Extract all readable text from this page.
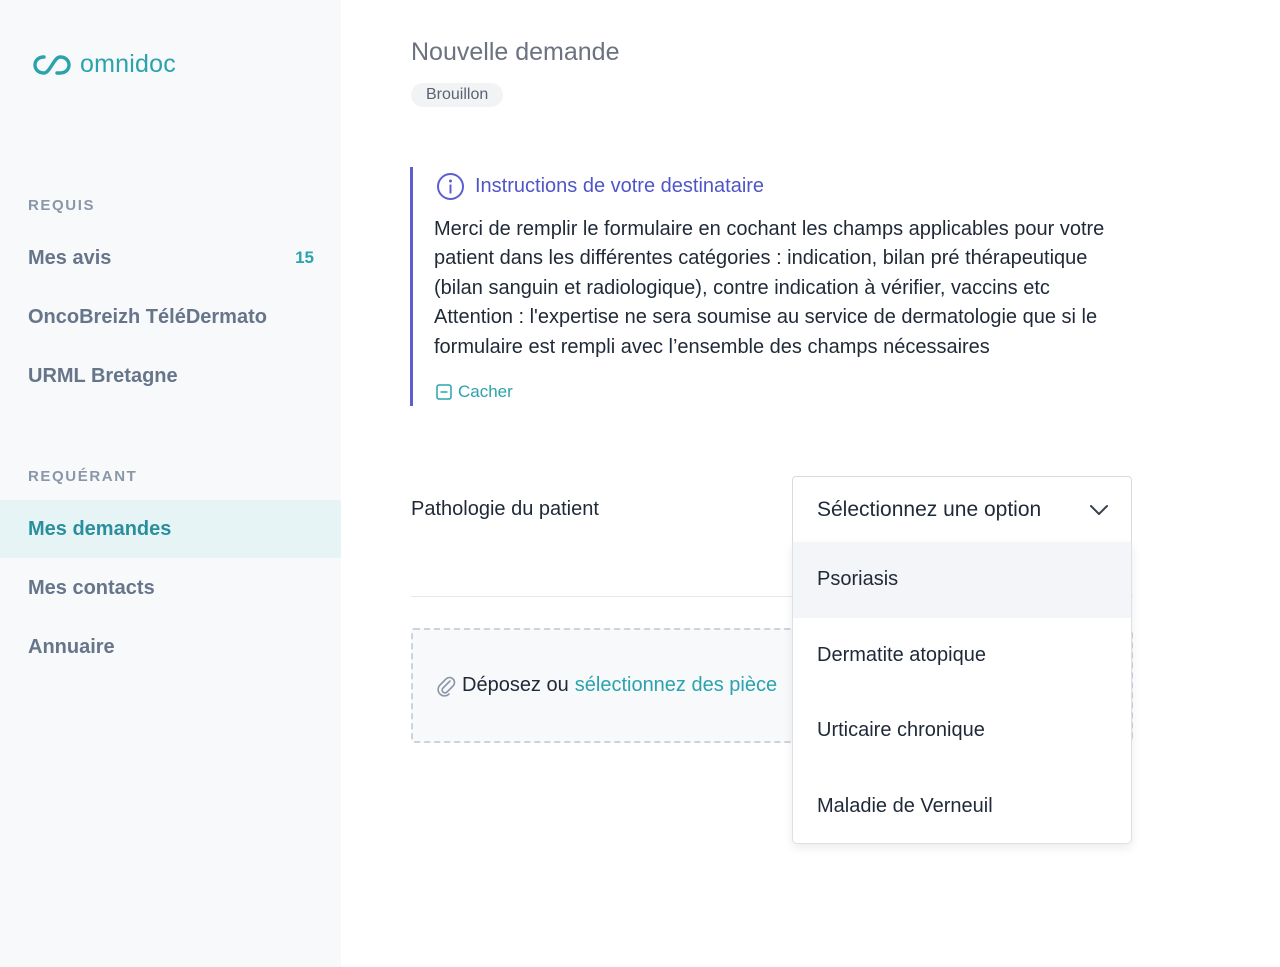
omnidoc
REQUIS
Mes avis	15
OncoBreizh TéléDermato
URML Bretagne
REQUÉRANT
Mes demandes
Mes contacts
Annuaire
Nouvelle demande
Brouillon
Instructions de votre destinataire
Merci de remplir le formulaire en cochant les champs applicables pour votre
patient dans les différentes catégories : indication, bilan pré thérapeutique
(bilan sanguin et radiologique), contre indication à vérifier, vaccins etc
Attention : l'expertise ne sera soumise au service de dermatologie que si le
formulaire est rempli avec l’ensemble des champs nécessaires
Cacher
Pathologie du patient
Déposez ou sélectionnez des pièce
Sélectionnez une option
Psoriasis
Dermatite atopique
Urticaire chronique
Maladie de Verneuil
